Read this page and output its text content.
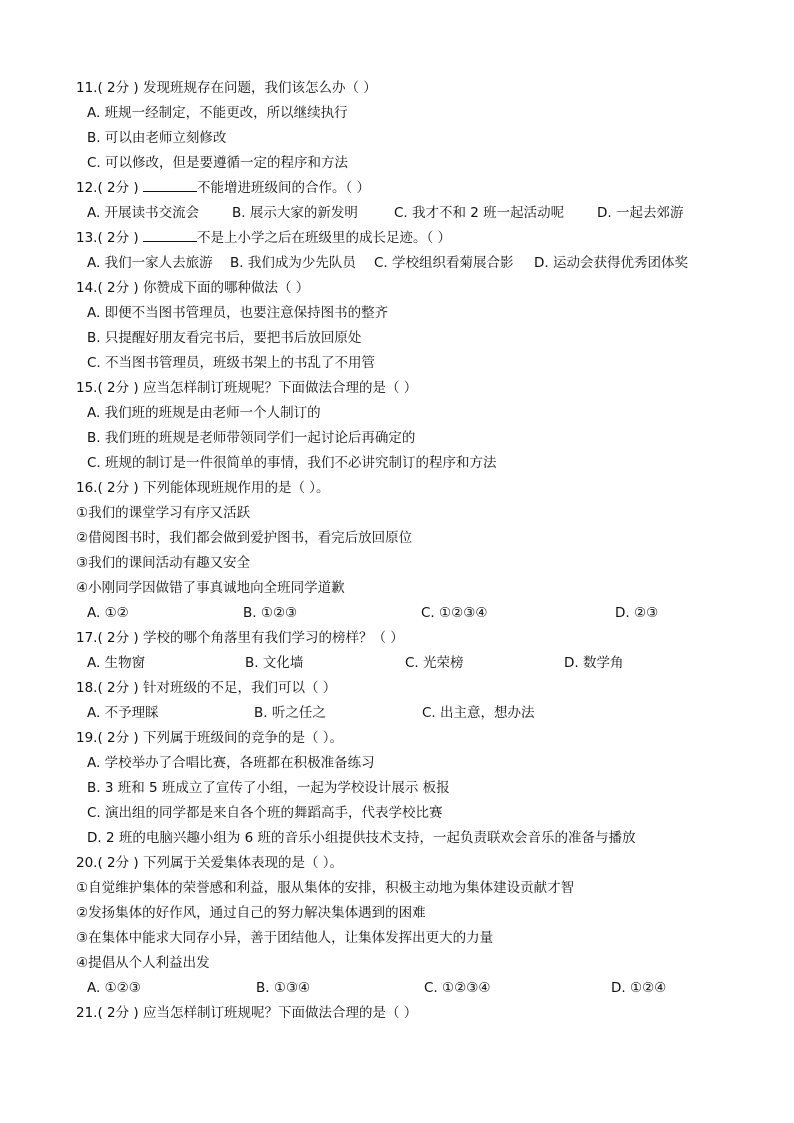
11.( 2分 ) 发现班规存在问题，我们该怎么办（ ）
A. 班规一经制定，不能更改，所以继续执行
B. 可以由老师立刻修改
C. 可以修改，但是要遵循一定的程序和方法
12.( 2分 )	不能增进班级间的合作。（ ）
A. 开展读书交流会 B. 展示大家的新发明	C. 我才不和 2 班一起活动呢 D. 一起去郊游
13.( 2分 )	不是上小学之后在班级里的成长足迹。（ ）
A. 我们一家人去旅游 B. 我们成为少先队员 C. 学校组织看菊展合影 D. 运动会获得优秀团体奖
14.( 2分 ) 你赞成下面的哪种做法（ ）
A. 即便不当图书管理员，也要注意保持图书的整齐
B. 只提醒好朋友看完书后，要把书后放回原处
C. 不当图书管理员，班级书架上的书乱了不用管
15.( 2分 ) 应当怎样制订班规呢？下面做法合理的是（ ）
A. 我们班的班规是由老师一个人制订的
B. 我们班的班规是老师带领同学们一起讨论后再确定的
C. 班规的制订是一件很简单的事情，我们不必讲究制订的程序和方法
16.( 2分 ) 下列能体现班规作用的是（ ）。
①我们的课堂学习有序又活跃
②借阅图书时，我们都会做到爱护图书，看完后放回原位
③我们的课间活动有趣又安全
④小刚同学因做错了事真诚地向全班同学道歉
A. ①②	B. ①②③	C. ①②③④	D. ②③
17.( 2分 ) 学校的哪个角落里有我们学习的榜样？（ ）
A. 生物窗	B. 文化墙	C. 光荣榜	D. 数学角
18.( 2分 ) 针对班级的不足，我们可以（ ）
A. 不予理睬	B. 听之任之	C. 出主意，想办法
19.( 2分 ) 下列属于班级间的竞争的是（ ）。
A. 学校举办了合唱比赛，各班都在积极准备练习
B. 3 班和 5 班成立了宣传了小组，一起为学校设计展示 板报
C. 演出组的同学都是来自各个班的舞蹈高手，代表学校比赛
D. 2 班的电脑兴趣小组为 6 班的音乐小组提供技术支持，一起负责联欢会音乐的准备与播放
20.( 2分 ) 下列属于关爱集体表现的是（ ）。
①自觉维护集体的荣誉感和利益，服从集体的安排，积极主动地为集体建设贡献才智
②发扬集体的好作风，通过自己的努力解决集体遇到的困难
③在集体中能求大同存小异，善于团结他人，让集体发挥出更大的力量
④提倡从个人利益出发
A. ①②③	B. ①③④	C. ①②③④	D. ①②④
21.( 2分 ) 应当怎样制订班规呢？下面做法合理的是（ ）
